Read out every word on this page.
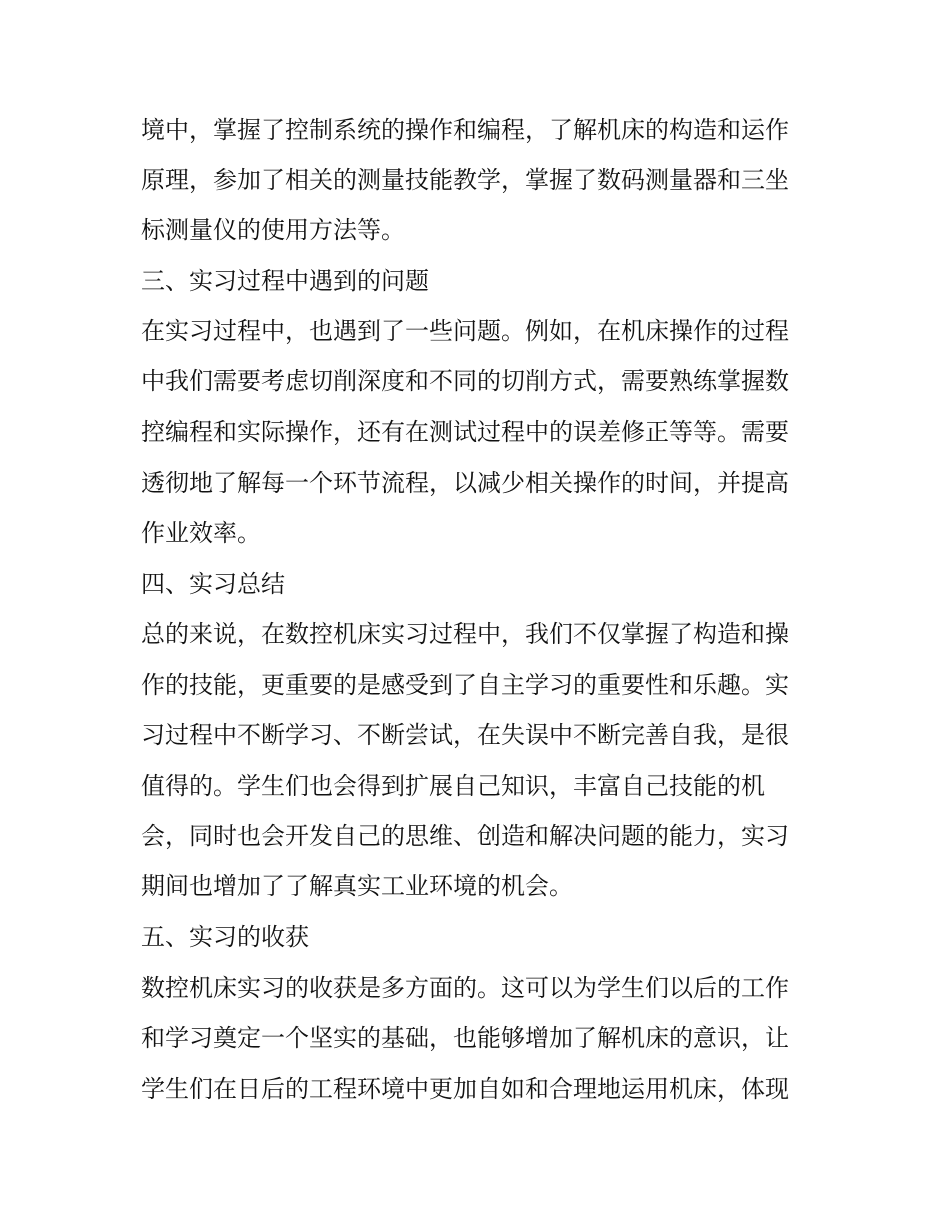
境中，掌握了控制系统的操作和编程，了解机床的构造和运作
原理，参加了相关的测量技能教学，掌握了数码测量器和三坐
标测量仪的使用方法等。
三、实习过程中遇到的问题
在实习过程中，也遇到了一些问题。例如，在机床操作的过程
中我们需要考虑切削深度和不同的切削方式，需要熟练掌握数
控编程和实际操作，还有在测试过程中的误差修正等等。需要
透彻地了解每一个环节流程，以减少相关操作的时间，并提高
作业效率。
四、实习总结
总的来说，在数控机床实习过程中，我们不仅掌握了构造和操
作的技能，更重要的是感受到了自主学习的重要性和乐趣。实
习过程中不断学习、不断尝试，在失误中不断完善自我，是很
值得的。学生们也会得到扩展自己知识，丰富自己技能的机
会，同时也会开发自己的思维、创造和解决问题的能力，实习
期间也增加了了解真实工业环境的机会。
五、实习的收获
数控机床实习的收获是多方面的。这可以为学生们以后的工作
和学习奠定一个坚实的基础，也能够增加了解机床的意识，让
学生们在日后的工程环境中更加自如和合理地运用机床，体现
